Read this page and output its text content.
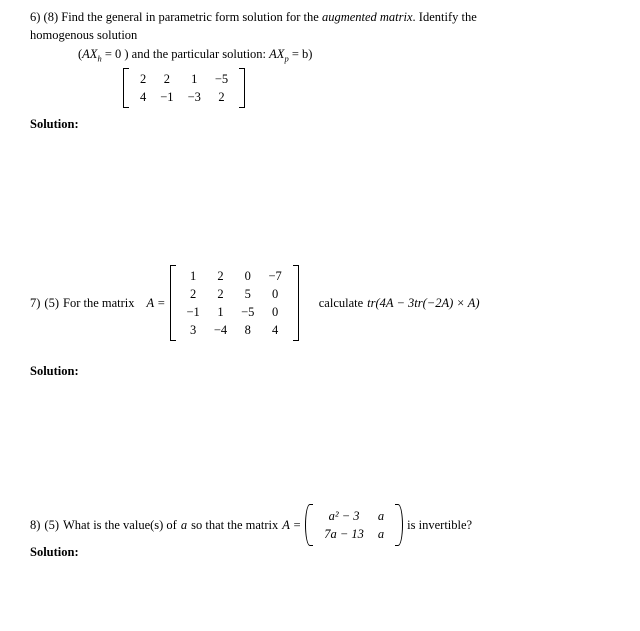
6) (8) Find the general in parametric form solution for the augmented matrix. Identify the
homogenous solution
($AX_h = 0$ ) and the particular solution: $AX_p = b$)
2	2	1	−5
4	−1	−3	2
Solution:
7) (5) For the matrix A =
1	2	0	−7
2	2	5	0
−1	1	−5	0
3	−4	8	4
calculate tr(4A − 3tr(−2A) × A)
Solution:
8) (5) What is the value(s) of a so that the matrix A =
a² − 3	a
7a − 13	a
is invertible?
Solution:
